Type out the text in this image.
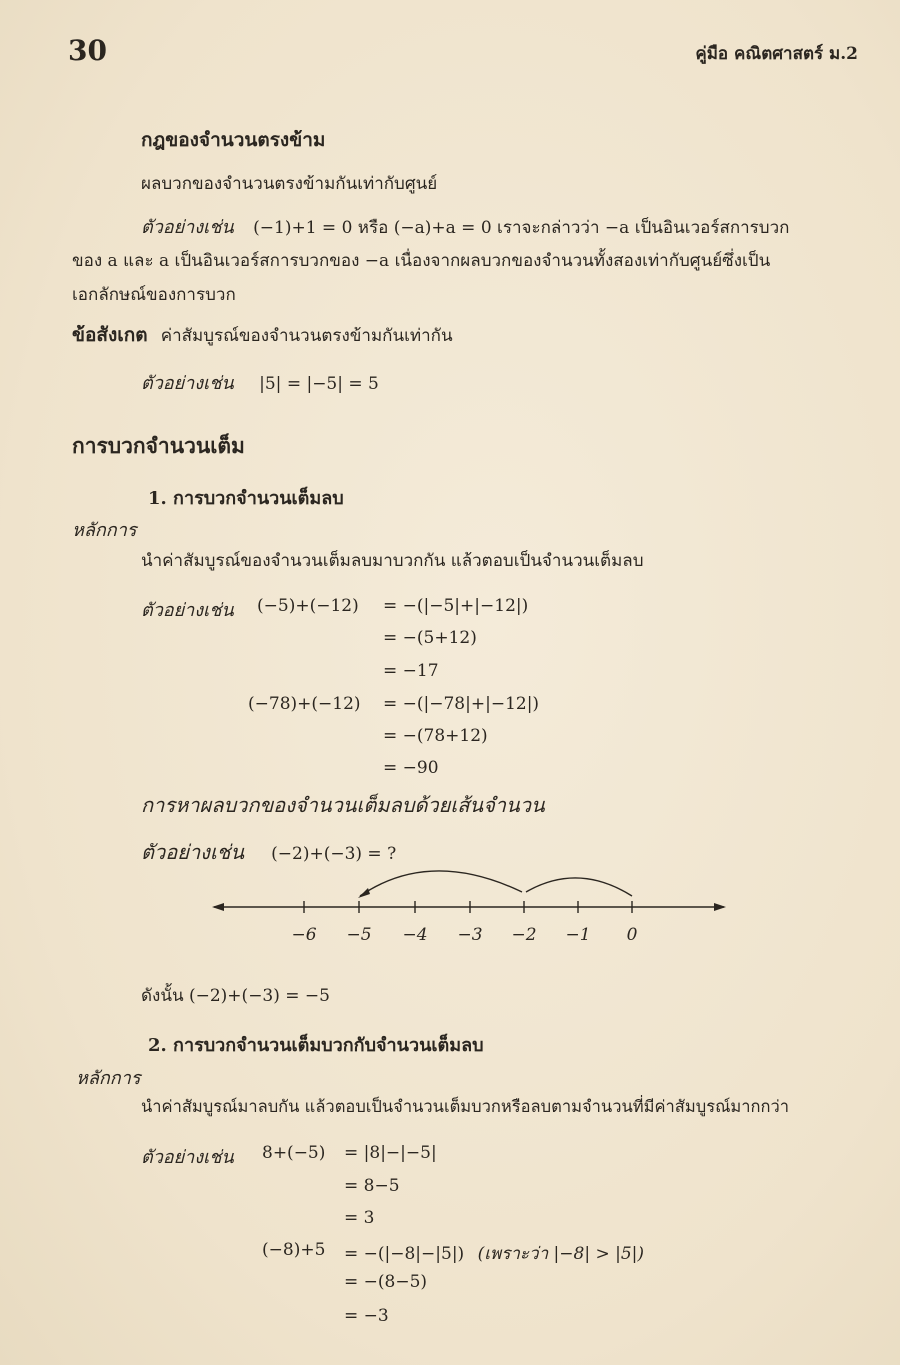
30	คู่มือ คณิตศาสตร์ ม.2
กฎของจำนวนตรงข้าม
ผลบวกของจำนวนตรงข้ามกันเท่ากับศูนย์
ตัวอย่างเช่น (−1)+1 = 0 หรือ (−a)+a = 0 เราจะกล่าวว่า −a เป็นอินเวอร์สการบวก
ของ a และ a เป็นอินเวอร์สการบวกของ −a เนื่องจากผลบวกของจำนวนทั้งสองเท่ากับศูนย์ซึ่งเป็น
เอกลักษณ์ของการบวก
ข้อสังเกต ค่าสัมบูรณ์ของจำนวนตรงข้ามกันเท่ากัน
ตัวอย่างเช่น |5| = |−5| = 5
การบวกจำนวนเต็ม
1. การบวกจำนวนเต็มลบ
หลักการ
นำค่าสัมบูรณ์ของจำนวนเต็มลบมาบวกกัน แล้วตอบเป็นจำนวนเต็มลบ
ตัวอย่างเช่น (−5)+(−12) = −(|−5|+|−12|)
= −(5+12)
= −17
(−78)+(−12) = −(|−78|+|−12|)
= −(78+12)
= −90
การหาผลบวกของจำนวนเต็มลบด้วยเส้นจำนวน
ตัวอย่างเช่น (−2)+(−3) = ?
−6 −5 −4 −3 −2 −1 0
ดังนั้น (−2)+(−3) = −5
2. การบวกจำนวนเต็มบวกกับจำนวนเต็มลบ
หลักการ
นำค่าสัมบูรณ์มาลบกัน แล้วตอบเป็นจำนวนเต็มบวกหรือลบตามจำนวนที่มีค่าสัมบูรณ์มากกว่า
ตัวอย่างเช่น 8+(−5) = |8|−|−5|
= 8−5
= 3
(−8)+5 = −(|−8|−|5|) (เพราะว่า |−8| > |5|)
= −(8−5)
= −3
